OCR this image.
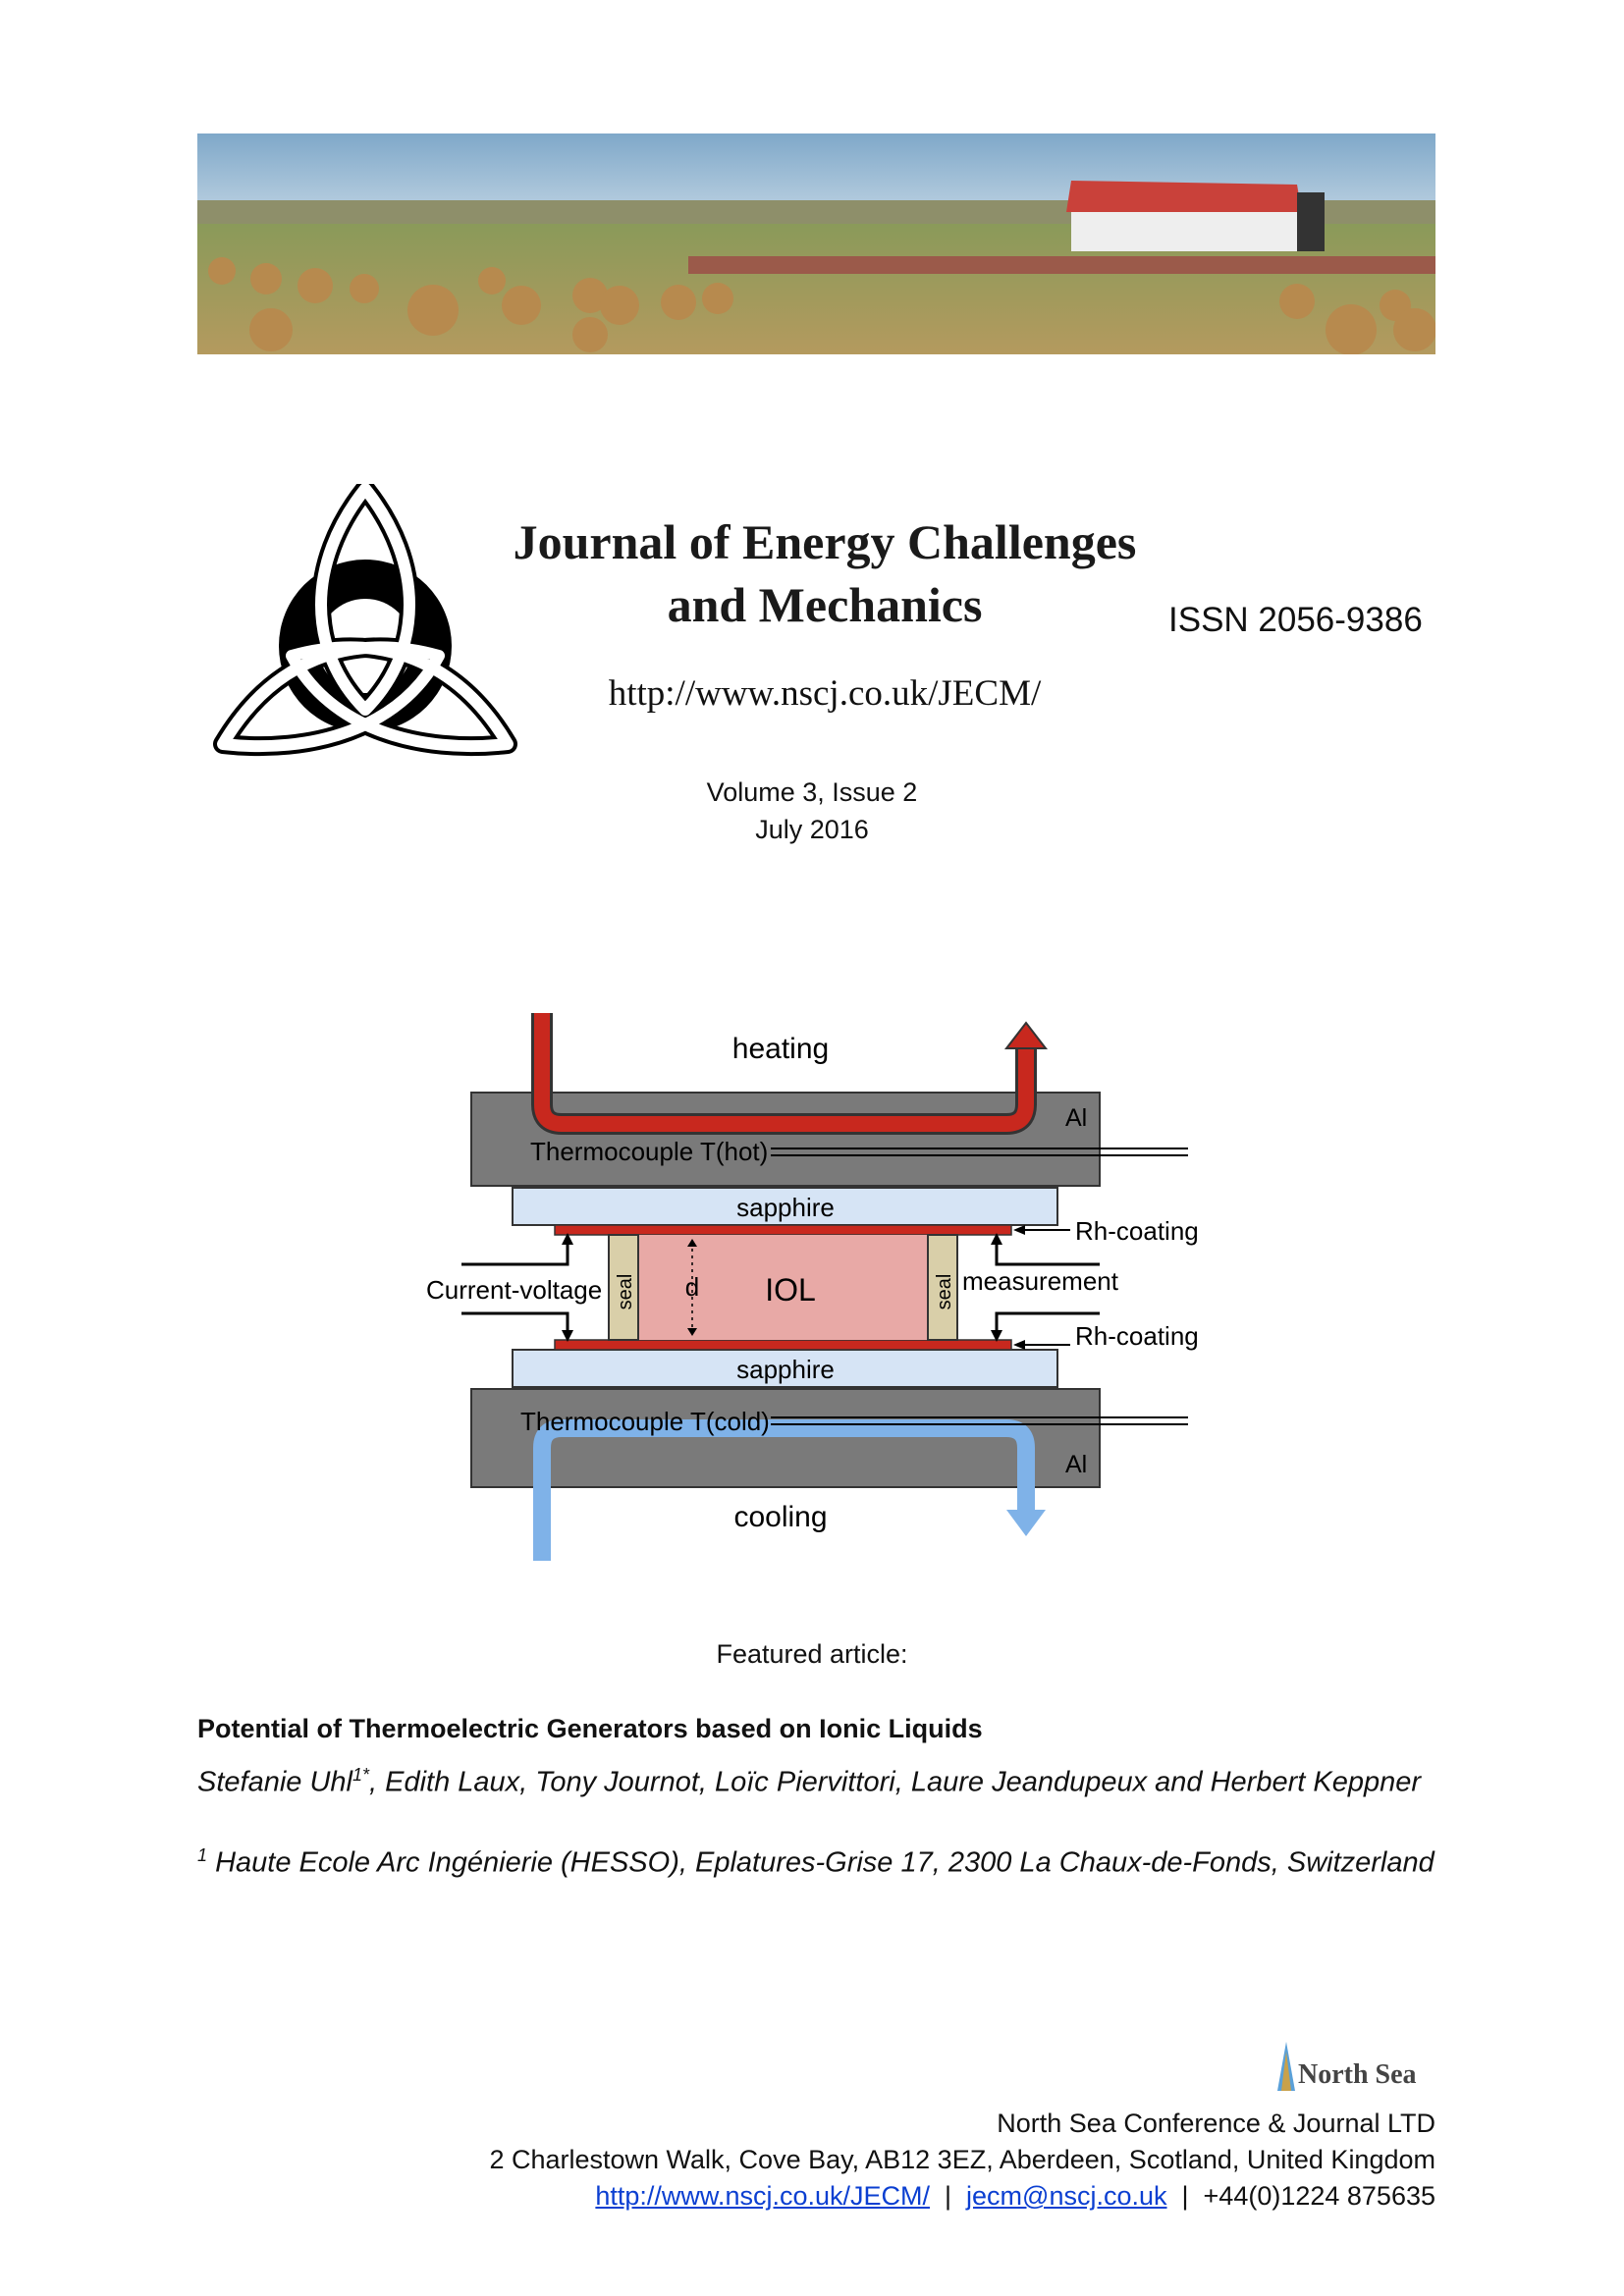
Journal of Energy Challenges
and Mechanics	ISSN 2056-9386
http://www.nscj.co.uk/JECM/
Volume 3, Issue 2
July 2016
heating
Al
Thermocouple T(hot)
sapphire
Rh-coating
Current-voltage	measurement
seal	seal
d IOL
Rh-coating
sapphire
Thermocouple T(cold)
Al
cooling
Featured article:
Potential of Thermoelectric Generators based on Ionic Liquids
Stefanie Uhl$^{1*}$, Edith Laux, Tony Journot, Loïc Piervittori, Laure Jeandupeux and Herbert Keppner
$^1$ Haute Ecole Arc Ingénierie (HESSO), Eplatures-Grise 17, 2300 La Chaux-de-Fonds, Switzerland
North Sea
North Sea Conference & Journal LTD
2 Charlestown Walk, Cove Bay, AB12 3EZ, Aberdeen, Scotland, United Kingdom
http://www.nscj.co.uk/JECM/  |  jecm@nscj.co.uk  |  +44(0)1224 875635
